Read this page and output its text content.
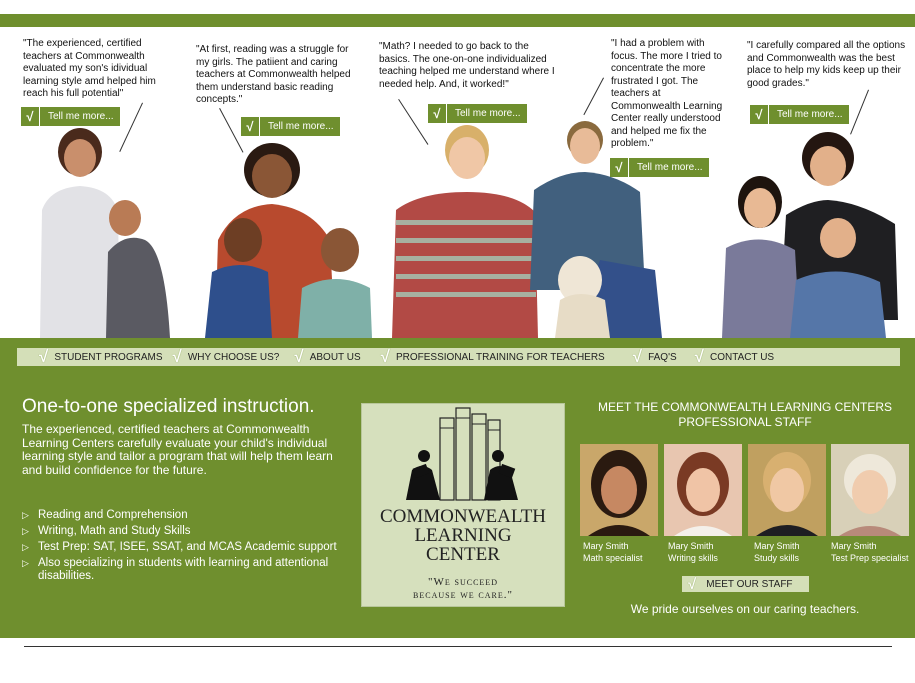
"The experienced, certified teachers at Commonwealth evaluated my son's idividual learning style amd helped him reach his full potential"
√	Tell me more...
"At first, reading was a struggle for my girls. The patiient and caring teachers at Commonwealth helped them understand basic reading concepts."
√	Tell me more...
"Math? I needed to go back to the basics. The one-on-one individualized teaching helped me understand where I needed help. And, it worked!"
√	Tell me more...
"I had a problem with focus. The more I tried to concentrate the more frustrated I got. The teachers at Commonwealth Learning Center really understood and helped me fix the problem."
√	Tell me more...
"I carefully compared all the options and Commonwealth was the best place to help my kids keep up their good grades."
√	Tell me more...
√ STUDENT PROGRAMS √ WHY CHOOSE US? √ ABOUT US √ PROFESSIONAL TRAINING FOR TEACHERS √ FAQ'S √ CONTACT US
One-to-one specialized instruction.
The experienced, certified teachers at Commonwealth Learning Centers carefully evaluate your child's individual learning style and tailor a program that will help them learn and build confidence for the future.
▷ Reading and Comprehension
▷ Writing, Math and Study Skills
▷ Test Prep: SAT, ISEE, SSAT, and MCAS Academic support
▷ Also specializing in students with learning and attentional disabilities.
COMMONWEALTH
LEARNING
CENTER
"We succeed
because we care."
MEET THE COMMONWEALTH LEARNING CENTERS PROFESSIONAL STAFF
Mary Smith
Math specialist
Mary Smith
Writing skills
Mary Smith
Study skills
Mary Smith
Test Prep specialist
√ MEET OUR STAFF
We pride ourselves on our caring teachers.
